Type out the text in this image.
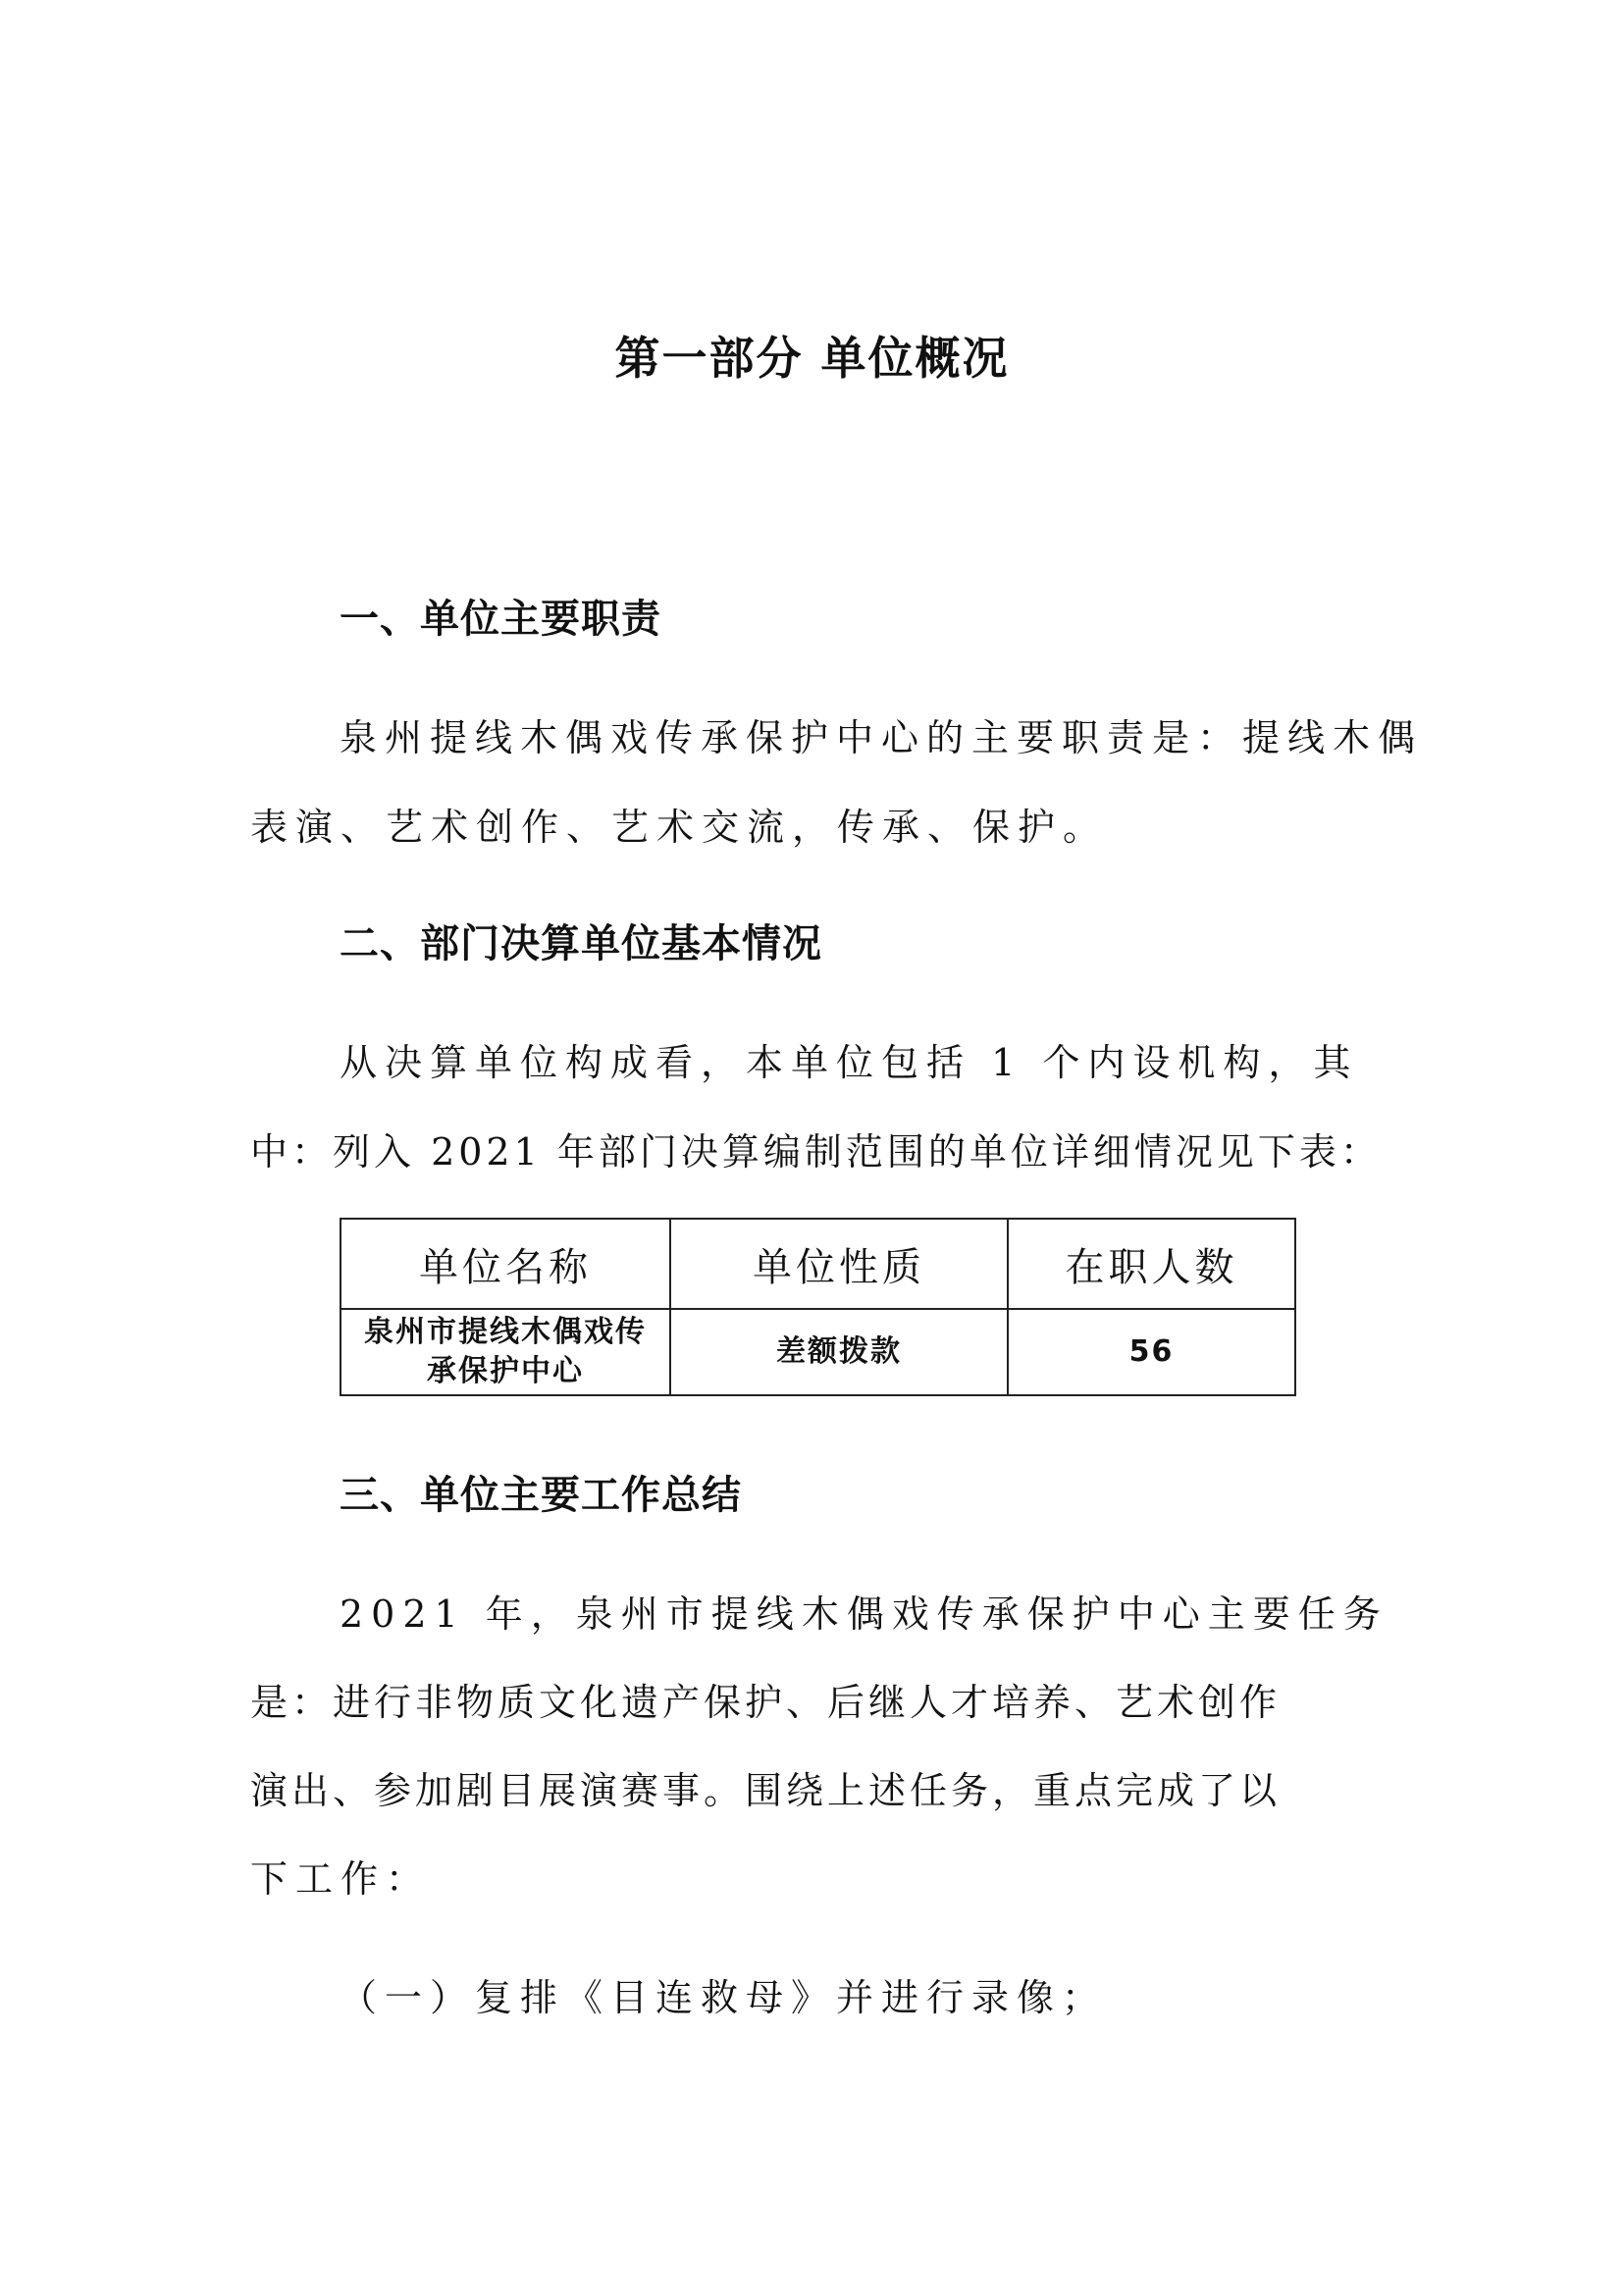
第一部分 单位概况
一、单位主要职责
泉州提线木偶戏传承保护中心的主要职责是：提线木偶
表演、艺术创作、艺术交流，传承、保护。
二、部门决算单位基本情况
从决算单位构成看，本单位包括 1 个内设机构，其
中：列入 2021 年部门决算编制范围的单位详细情况见下表：
单位名称	单位性质	在职人数

泉州市提线木偶戏传
承保护中心	差额拨款	56
三、单位主要工作总结
2021 年，泉州市提线木偶戏传承保护中心主要任务
是：进行非物质文化遗产保护、后继人才培养、艺术创作
演出、参加剧目展演赛事。围绕上述任务，重点完成了以
下工作：
（一）复排《目连救母》并进行录像；
